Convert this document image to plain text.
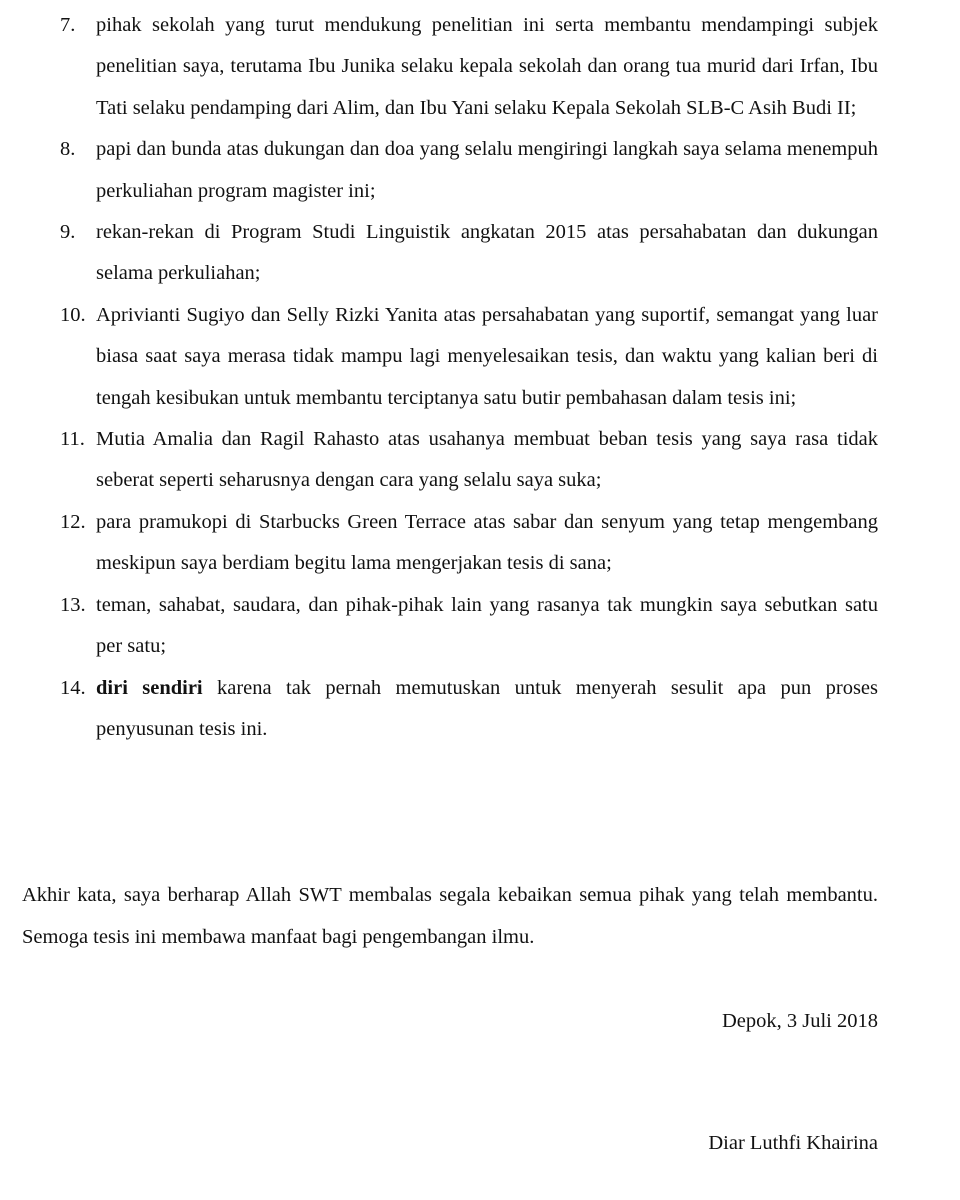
7. pihak sekolah yang turut mendukung penelitian ini serta membantu mendampingi subjek penelitian saya, terutama Ibu Junika selaku kepala sekolah dan orang tua murid dari Irfan, Ibu Tati selaku pendamping dari Alim, dan Ibu Yani selaku Kepala Sekolah SLB-C Asih Budi II;
8. papi dan bunda atas dukungan dan doa yang selalu mengiringi langkah saya selama menempuh perkuliahan program magister ini;
9. rekan-rekan di Program Studi Linguistik angkatan 2015 atas persahabatan dan dukungan selama perkuliahan;
10. Aprivianti Sugiyo dan Selly Rizki Yanita atas persahabatan yang suportif, semangat yang luar biasa saat saya merasa tidak mampu lagi menyelesaikan tesis, dan waktu yang kalian beri di tengah kesibukan untuk membantu terciptanya satu butir pembahasan dalam tesis ini;
11. Mutia Amalia dan Ragil Rahasto atas usahanya membuat beban tesis yang saya rasa tidak seberat seperti seharusnya dengan cara yang selalu saya suka;
12. para pramukopi di Starbucks Green Terrace atas sabar dan senyum yang tetap mengembang meskipun saya berdiam begitu lama mengerjakan tesis di sana;
13. teman, sahabat, saudara, dan pihak-pihak lain yang rasanya tak mungkin saya sebutkan satu per satu;
14. diri sendiri karena tak pernah memutuskan untuk menyerah sesulit apa pun proses penyusunan tesis ini.

Akhir kata, saya berharap Allah SWT membalas segala kebaikan semua pihak yang telah membantu. Semoga tesis ini membawa manfaat bagi pengembangan ilmu.

Depok, 3 Juli 2018

Diar Luthfi Khairina
